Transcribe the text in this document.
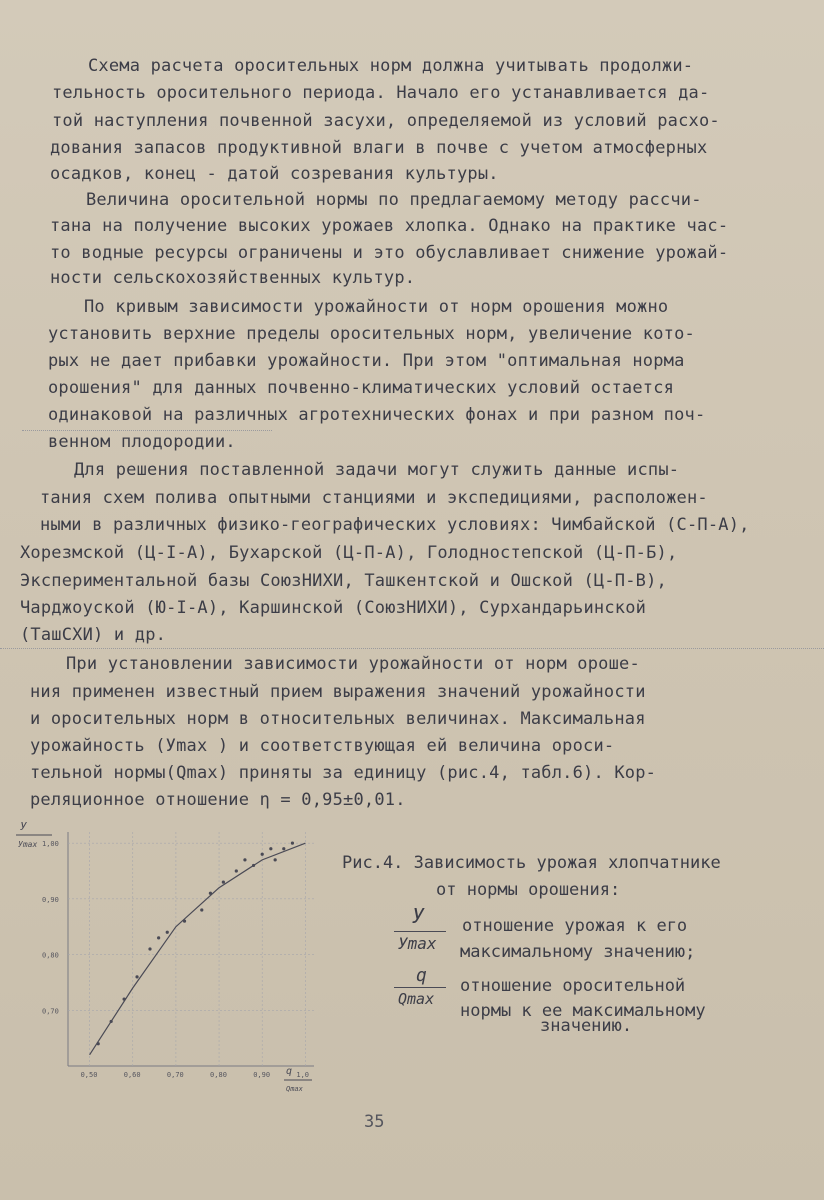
Схема расчета оросительных норм должна учитывать продолжи-
тельность оросительного периода. Начало его устанавливается да-
той наступления почвенной засухи, определяемой из условий расхо-
дования запасов продуктивной влаги в почве с учетом атмосферных
осадков, конец - датой созревания культуры.
Величина оросительной нормы по предлагаемому методу рассчи-
тана на получение высоких урожаев хлопка. Однако на практике час-
то водные ресурсы ограничены и это обуславливает снижение урожай-
ности сельскохозяйственных культур.
По кривым зависимости урожайности от норм орошения можно
установить верхние пределы оросительных норм, увеличение кото-
рых не дает прибавки урожайности. При этом "оптимальная норма
орошения" для данных почвенно-климатических условий остается
одинаковой на различных агротехнических фонах и при разном поч-
венном плодородии.
Для решения поставленной задачи могут служить данные испы-
тания схем полива опытными станциями и экспедициями, расположен-
ными в различных физико-географических условиях: Чимбайской (С-П-А),
Хорезмской (Ц-I-А), Бухарской (Ц-П-А), Голодностепской (Ц-П-Б),
Экспериментальной базы СоюзНИХИ, Ташкентской и Ошской (Ц-П-В),
Чарджоуской (Ю-I-А), Каршинской (СоюзНИХИ), Сурхандарьинской
(ТашСХИ) и др.
При установлении зависимости урожайности от норм ороше-
ния применен известный прием выражения значений урожайности
и оросительных норм в относительных величинах. Максимальная
урожайность (Уmax ) и соответствующая ей величина ороси-
тельной нормы(Qmax) приняты за единицу (рис.4, табл.6). Кор-
реляционное отношение η = 0,95±0,01.
1,00
0,90
0,80
0,70
0,50	0,60	0,70	0,80	0,90	1,0
У
Уmax
q
Qmax
Рис.4. Зависимость урожая хлопчатнике
от нормы орошения:
У
Уmax
отношение урожая к его
максимальному значению;
q
Qmax
отношение оросительной
нормы к ее максимальному
значению.
35
